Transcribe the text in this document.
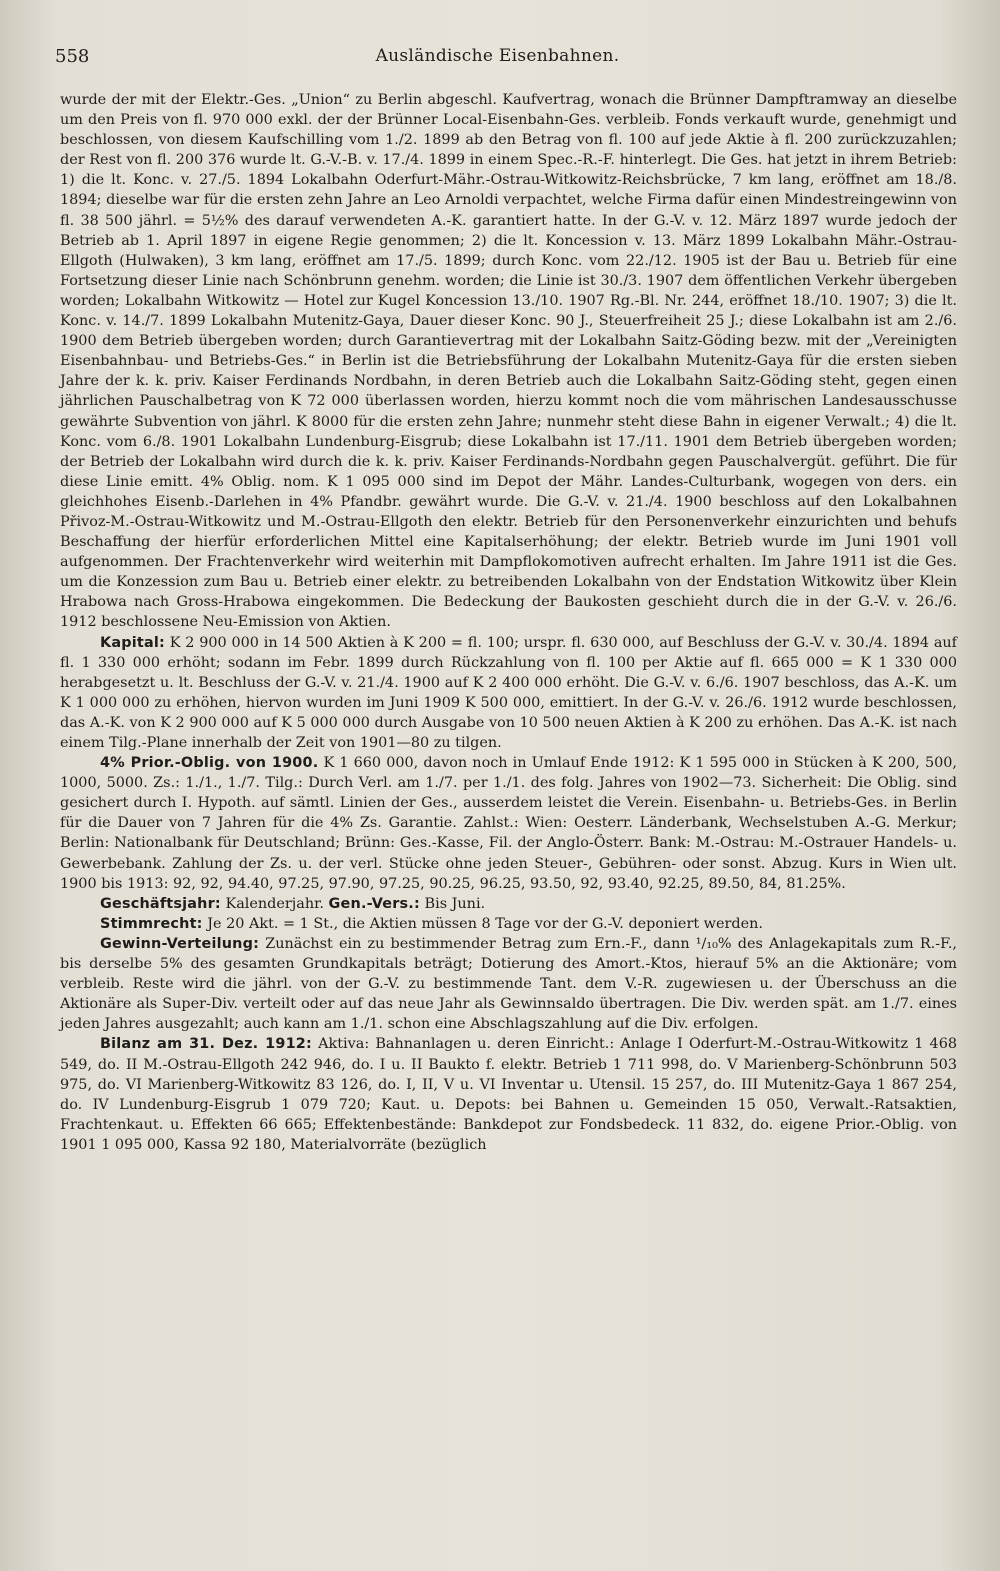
558	Ausländische Eisenbahnen.

wurde der mit der Elektr.-Ges. „Union“ zu Berlin abgeschl. Kaufvertrag, wonach die Brünner Dampftramway an dieselbe um den Preis von fl. 970 000 exkl. der der Brünner Local-Eisenbahn-Ges. verbleib. Fonds verkauft wurde, genehmigt und beschlossen, von diesem Kaufschilling vom 1./2. 1899 ab den Betrag von fl. 100 auf jede Aktie à fl. 200 zurückzuzahlen; der Rest von fl. 200 376 wurde lt. G.-V.-B. v. 17./4. 1899 in einem Spec.-R.-F. hinterlegt. Die Ges. hat jetzt in ihrem Betrieb: 1) die lt. Konc. v. 27./5. 1894 Lokalbahn Oderfurt-Mähr.-Ostrau-Witkowitz-Reichsbrücke, 7 km lang, eröffnet am 18./8. 1894; dieselbe war für die ersten zehn Jahre an Leo Arnoldi verpachtet, welche Firma dafür einen Mindestreingewinn von fl. 38 500 jährl. = 5½% des darauf verwendeten A.-K. garantiert hatte. In der G.-V. v. 12. März 1897 wurde jedoch der Betrieb ab 1. April 1897 in eigene Regie genommen; 2) die lt. Koncession v. 13. März 1899 Lokalbahn Mähr.-Ostrau-Ellgoth (Hulwaken), 3 km lang, eröffnet am 17./5. 1899; durch Konc. vom 22./12. 1905 ist der Bau u. Betrieb für eine Fortsetzung dieser Linie nach Schönbrunn genehm. worden; die Linie ist 30./3. 1907 dem öffentlichen Verkehr übergeben worden; Lokalbahn Witkowitz — Hotel zur Kugel Koncession 13./10. 1907 Rg.-Bl. Nr. 244, eröffnet 18./10. 1907; 3) die lt. Konc. v. 14./7. 1899 Lokalbahn Mutenitz-Gaya, Dauer dieser Konc. 90 J., Steuerfreiheit 25 J.; diese Lokalbahn ist am 2./6. 1900 dem Betrieb übergeben worden; durch Garantievertrag mit der Lokalbahn Saitz-Göding bezw. mit der „Vereinigten Eisenbahnbau- und Betriebs-Ges.“ in Berlin ist die Betriebsführung der Lokalbahn Mutenitz-Gaya für die ersten sieben Jahre der k. k. priv. Kaiser Ferdinands Nordbahn, in deren Betrieb auch die Lokalbahn Saitz-Göding steht, gegen einen jährlichen Pauschalbetrag von K 72 000 überlassen worden, hierzu kommt noch die vom mährischen Landesausschusse gewährte Subvention von jährl. K 8000 für die ersten zehn Jahre; nunmehr steht diese Bahn in eigener Verwalt.; 4) die lt. Konc. vom 6./8. 1901 Lokalbahn Lundenburg-Eisgrub; diese Lokalbahn ist 17./11. 1901 dem Betrieb übergeben worden; der Betrieb der Lokalbahn wird durch die k. k. priv. Kaiser Ferdinands-Nordbahn gegen Pauschalvergüt. geführt. Die für diese Linie emitt. 4% Oblig. nom. K 1 095 000 sind im Depot der Mähr. Landes-Culturbank, wogegen von ders. ein gleichhohes Eisenb.-Darlehen in 4% Pfandbr. gewährt wurde. Die G.-V. v. 21./4. 1900 beschloss auf den Lokalbahnen Přivoz-M.-Ostrau-Witkowitz und M.-Ostrau-Ellgoth den elektr. Betrieb für den Personenverkehr einzurichten und behufs Beschaffung der hierfür erforderlichen Mittel eine Kapitalserhöhung; der elektr. Betrieb wurde im Juni 1901 voll aufgenommen. Der Frachtenverkehr wird weiterhin mit Dampflokomotiven aufrecht erhalten. Im Jahre 1911 ist die Ges. um die Konzession zum Bau u. Betrieb einer elektr. zu betreibenden Lokalbahn von der Endstation Witkowitz über Klein Hrabowa nach Gross-Hrabowa eingekommen. Die Bedeckung der Baukosten geschieht durch die in der G.-V. v. 26./6. 1912 beschlossene Neu-Emission von Aktien.

Kapital: K 2 900 000 in 14 500 Aktien à K 200 = fl. 100; urspr. fl. 630 000, auf Beschluss der G.-V. v. 30./4. 1894 auf fl. 1 330 000 erhöht; sodann im Febr. 1899 durch Rückzahlung von fl. 100 per Aktie auf fl. 665 000 = K 1 330 000 herabgesetzt u. lt. Beschluss der G.-V. v. 21./4. 1900 auf K 2 400 000 erhöht. Die G.-V. v. 6./6. 1907 beschloss, das A.-K. um K 1 000 000 zu erhöhen, hiervon wurden im Juni 1909 K 500 000, emittiert. In der G.-V. v. 26./6. 1912 wurde beschlossen, das A.-K. von K 2 900 000 auf K 5 000 000 durch Ausgabe von 10 500 neuen Aktien à K 200 zu erhöhen. Das A.-K. ist nach einem Tilg.-Plane innerhalb der Zeit von 1901—80 zu tilgen.

4% Prior.-Oblig. von 1900. K 1 660 000, davon noch in Umlauf Ende 1912: K 1 595 000 in Stücken à K 200, 500, 1000, 5000. Zs.: 1./1., 1./7. Tilg.: Durch Verl. am 1./7. per 1./1. des folg. Jahres von 1902—73. Sicherheit: Die Oblig. sind gesichert durch I. Hypoth. auf sämtl. Linien der Ges., ausserdem leistet die Verein. Eisenbahn- u. Betriebs-Ges. in Berlin für die Dauer von 7 Jahren für die 4% Zs. Garantie. Zahlst.: Wien: Oesterr. Länderbank, Wechselstuben A.-G. Merkur; Berlin: Nationalbank für Deutschland; Brünn: Ges.-Kasse, Fil. der Anglo-Österr. Bank: M.-Ostrau: M.-Ostrauer Handels- u. Gewerbebank. Zahlung der Zs. u. der verl. Stücke ohne jeden Steuer-, Gebühren- oder sonst. Abzug. Kurs in Wien ult. 1900 bis 1913: 92, 92, 94.40, 97.25, 97.90, 97.25, 90.25, 96.25, 93.50, 92, 93.40, 92.25, 89.50, 84, 81.25%.

Geschäftsjahr: Kalenderjahr. Gen.-Vers.: Bis Juni.

Stimmrecht: Je 20 Akt. = 1 St., die Aktien müssen 8 Tage vor der G.-V. deponiert werden.

Gewinn-Verteilung: Zunächst ein zu bestimmender Betrag zum Ern.-F., dann ¹/₁₀% des Anlagekapitals zum R.-F., bis derselbe 5% des gesamten Grundkapitals beträgt; Dotierung des Amort.-Ktos, hierauf 5% an die Aktionäre; vom verbleib. Reste wird die jährl. von der G.-V. zu bestimmende Tant. dem V.-R. zugewiesen u. der Überschuss an die Aktionäre als Super-Div. verteilt oder auf das neue Jahr als Gewinnsaldo übertragen. Die Div. werden spät. am 1./7. eines jeden Jahres ausgezahlt; auch kann am 1./1. schon eine Abschlagszahlung auf die Div. erfolgen.

Bilanz am 31. Dez. 1912: Aktiva: Bahnanlagen u. deren Einricht.: Anlage I Oderfurt-M.-Ostrau-Witkowitz 1 468 549, do. II M.-Ostrau-Ellgoth 242 946, do. I u. II Baukto f. elektr. Betrieb 1 711 998, do. V Marienberg-Schönbrunn 503 975, do. VI Marienberg-Witkowitz 83 126, do. I, II, V u. VI Inventar u. Utensil. 15 257, do. III Mutenitz-Gaya 1 867 254, do. IV Lundenburg-Eisgrub 1 079 720; Kaut. u. Depots: bei Bahnen u. Gemeinden 15 050, Verwalt.-Ratsaktien, Frachtenkaut. u. Effekten 66 665; Effektenbestände: Bankdepot zur Fondsbedeck. 11 832, do. eigene Prior.-Oblig. von 1901 1 095 000, Kassa 92 180, Materialvorräte (bezüglich
